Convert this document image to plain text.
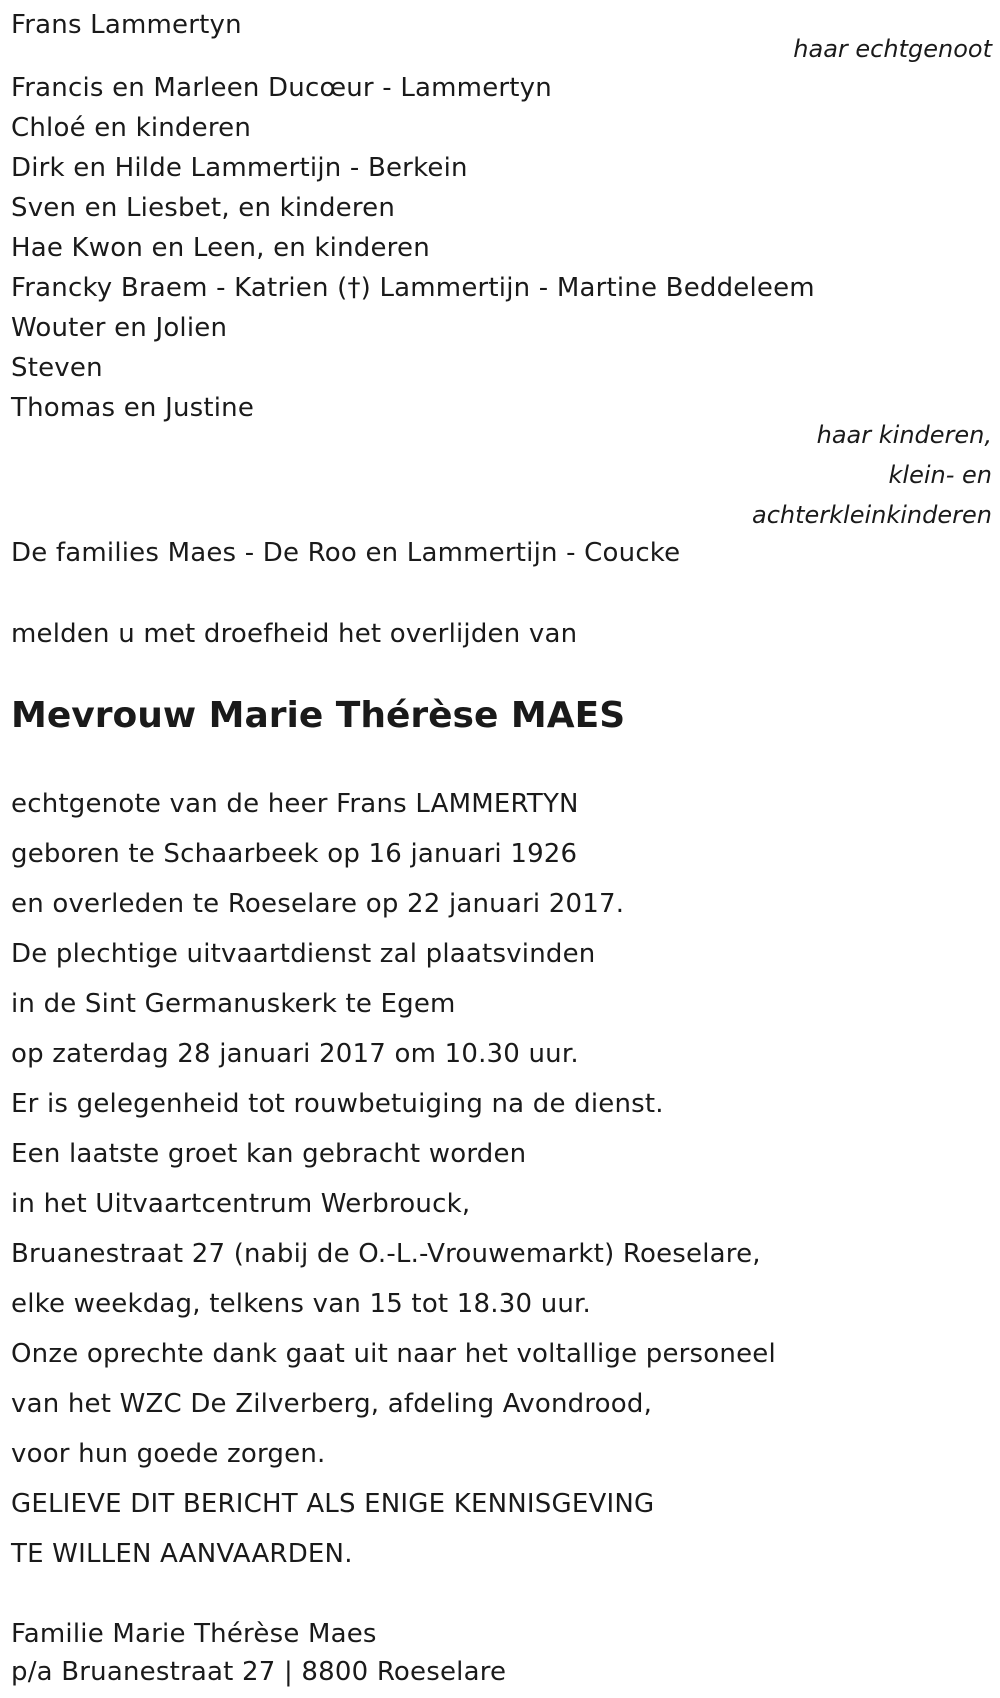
Frans Lammertyn
haar echtgenoot
Francis en Marleen Ducœur - Lammertyn
Chloé en kinderen
Dirk en Hilde Lammertijn - Berkein
Sven en Liesbet, en kinderen
Hae Kwon en Leen, en kinderen
Francky Braem - Katrien (†) Lammertijn - Martine Beddeleem
Wouter en Jolien
Steven
Thomas en Justine
haar kinderen,
klein- en
achterkleinkinderen
De families Maes - De Roo en Lammertijn - Coucke
melden u met droefheid het overlijden van
Mevrouw Marie Thérèse MAES
echtgenote van de heer Frans LAMMERTYN
geboren te Schaarbeek op 16 januari 1926
en overleden te Roeselare op 22 januari 2017.
De plechtige uitvaartdienst zal plaatsvinden
in de Sint Germanuskerk te Egem
op zaterdag 28 januari 2017 om 10.30 uur.
Er is gelegenheid tot rouwbetuiging na de dienst.
Een laatste groet kan gebracht worden
in het Uitvaartcentrum Werbrouck,
Bruanestraat 27 (nabij de O.-L.-Vrouwemarkt) Roeselare,
elke weekdag, telkens van 15 tot 18.30 uur.
Onze oprechte dank gaat uit naar het voltallige personeel
van het WZC De Zilverberg, afdeling Avondrood,
voor hun goede zorgen.
GELIEVE DIT BERICHT ALS ENIGE KENNISGEVING
TE WILLEN AANVAARDEN.
Familie Marie Thérèse Maes
p/a Bruanestraat 27 | 8800 Roeselare
